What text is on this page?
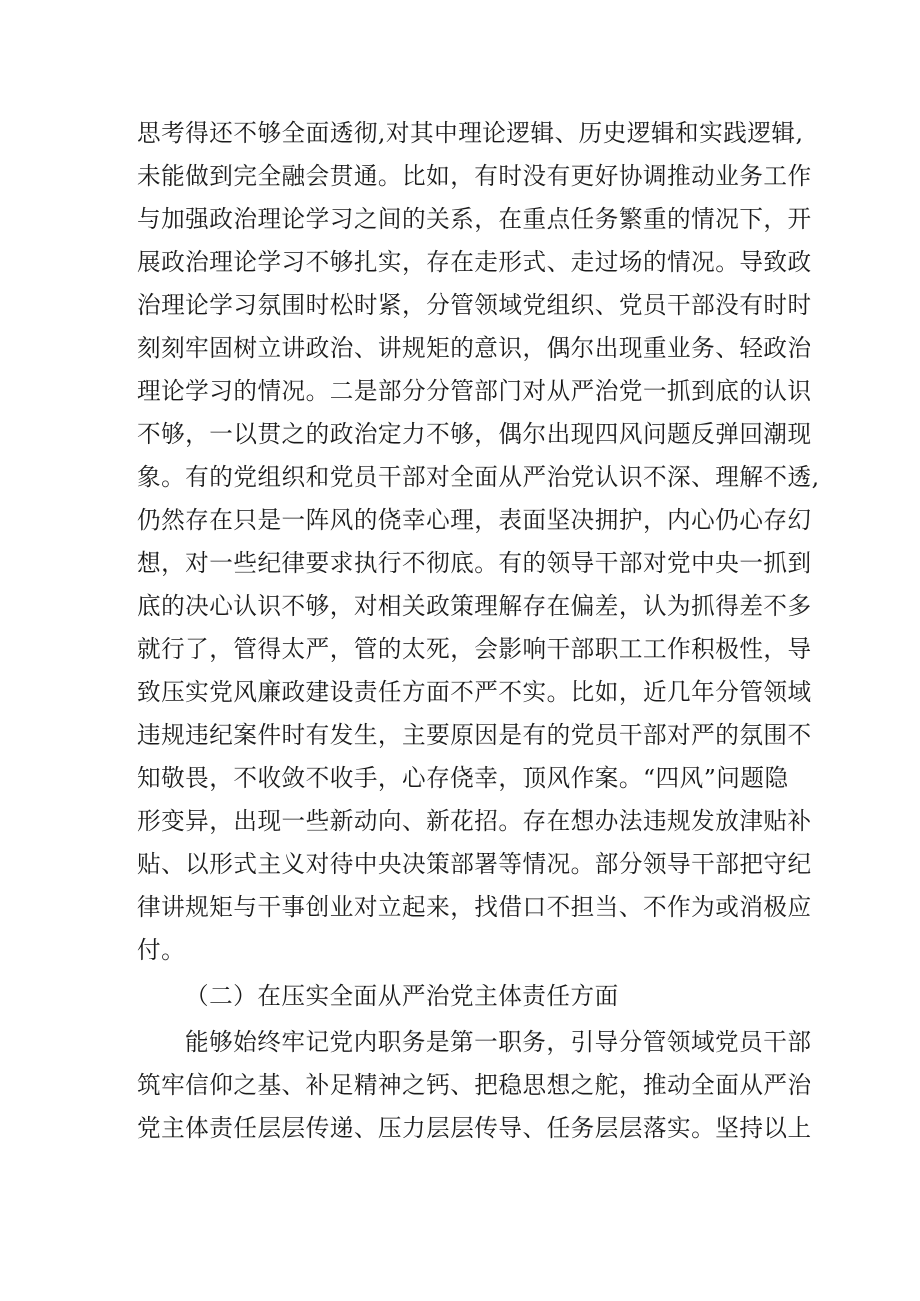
思考得还不够全面透彻,对其中理论逻辑、历史逻辑和实践逻辑,
未能做到完全融会贯通。比如，有时没有更好协调推动业务工作
与加强政治理论学习之间的关系，在重点任务繁重的情况下，开
展政治理论学习不够扎实，存在走形式、走过场的情况。导致政
治理论学习氛围时松时紧，分管领域党组织、党员干部没有时时
刻刻牢固树立讲政治、讲规矩的意识，偶尔出现重业务、轻政治
理论学习的情况。二是部分分管部门对从严治党一抓到底的认识
不够，一以贯之的政治定力不够，偶尔出现四风问题反弹回潮现
象。有的党组织和党员干部对全面从严治党认识不深、理解不透,
仍然存在只是一阵风的侥幸心理，表面坚决拥护，内心仍心存幻
想，对一些纪律要求执行不彻底。有的领导干部对党中央一抓到
底的决心认识不够，对相关政策理解存在偏差，认为抓得差不多
就行了，管得太严，管的太死，会影响干部职工工作积极性，导
致压实党风廉政建设责任方面不严不实。比如，近几年分管领域
违规违纪案件时有发生，主要原因是有的党员干部对严的氛围不
知敬畏，不收敛不收手，心存侥幸，顶风作案。“四风”问题隐
形变异，出现一些新动向、新花招。存在想办法违规发放津贴补
贴、以形式主义对待中央决策部署等情况。部分领导干部把守纪
律讲规矩与干事创业对立起来，找借口不担当、不作为或消极应
付。
（二）在压实全面从严治党主体责任方面
能够始终牢记党内职务是第一职务，引导分管领域党员干部
筑牢信仰之基、补足精神之钙、把稳思想之舵，推动全面从严治
党主体责任层层传递、压力层层传导、任务层层落实。坚持以上
